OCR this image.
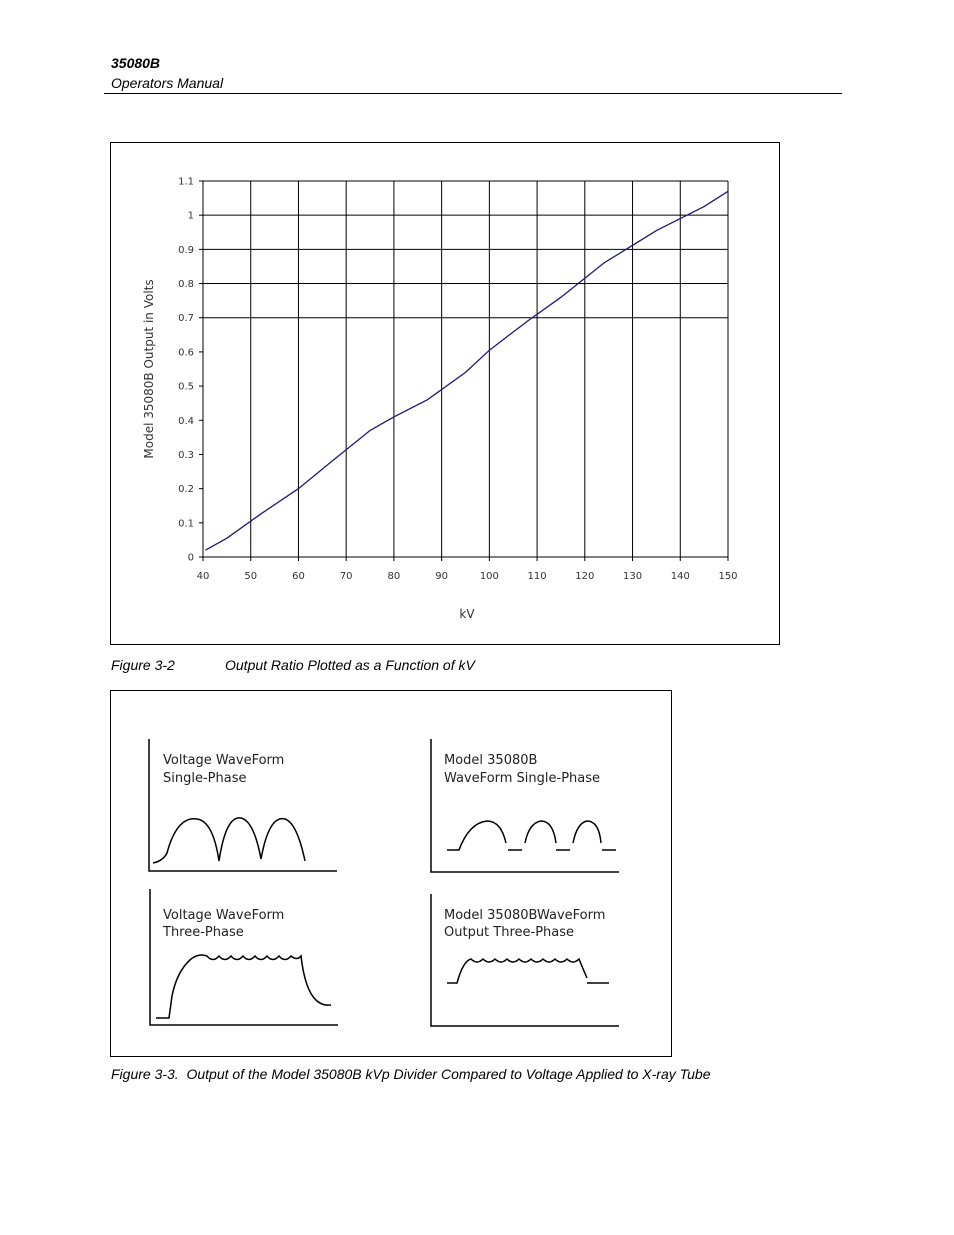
35080B
Operators Manual
40	50	60	70	80	90	100	110	120	130	140	150
0
0.1
0.2
0.3
0.4
0.5
0.6
0.7
0.8
0.9
1
1.1
kV
Model 35080B Output in Volts
Figure 3-2	Output Ratio Plotted as a Function of kV
Voltage WaveForm
Single-Phase
Model 35080B
WaveForm Single-Phase
Voltage WaveForm
Three-Phase
Model 35080BWaveForm
Output Three-Phase
Figure 3-3. Output of the Model 35080B kVp Divider Compared to Voltage Applied to X-ray Tube
